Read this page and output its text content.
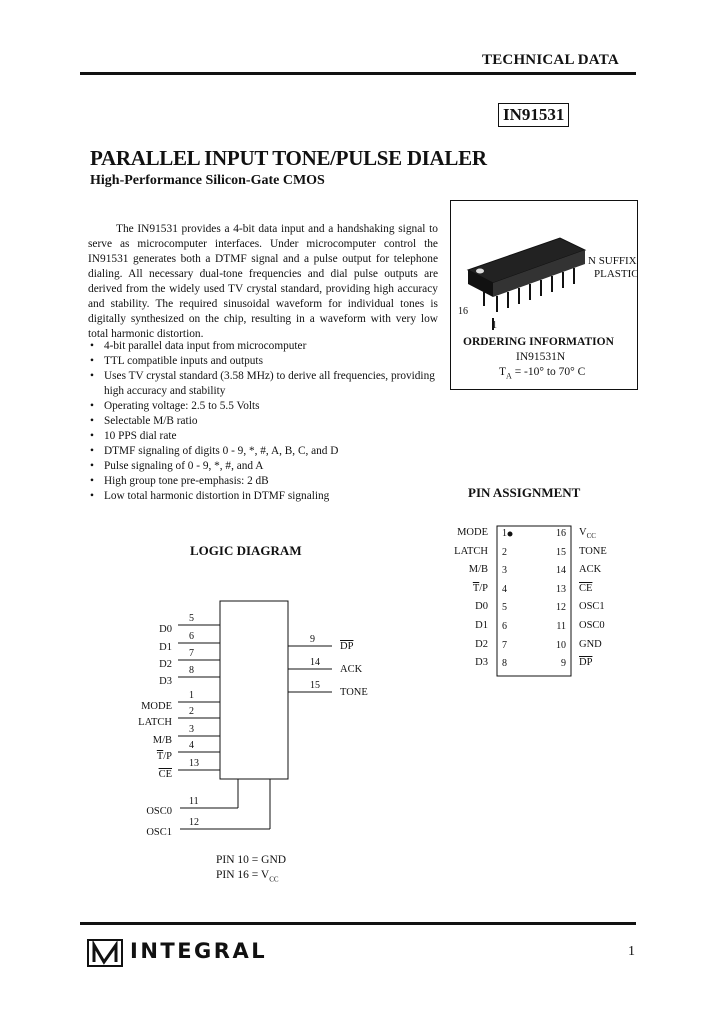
TECHNICAL DATA
IN91531
PARALLEL INPUT TONE/PULSE DIALER
High-Performance Silicon-Gate CMOS
The IN91531 provides a 4-bit data input and a handshaking signal to serve as microcomputer interfaces. Under microcomputer control the IN91531 generates both a DTMF signal and a pulse output for telephone dialing. All necessary dual-tone frequencies and dial pulse outputs are derived from the widely used TV crystal standard, providing high accuracy and stability. The required sinusoidal waveform for individual tones is digitally synthesized on the chip, resulting in a waveform with very low total harmonic distortion.
• 4-bit parallel data input from microcomputer
• TTL compatible inputs and outputs
• Uses TV crystal standard (3.58 MHz) to derive all frequencies, providing high accuracy and stability
• Operating voltage: 2.5 to 5.5 Volts
• Selectable M/B ratio
• 10 PPS dial rate
• DTMF signaling of digits 0 - 9, *, #, A, B, C, and D
• Pulse signaling of 0 - 9, *, #, and A
• High group tone pre-emphasis: 2 dB
• Low total harmonic distortion in DTMF signaling
16
1
N SUFFIX
PLASTIC
ORDERING INFORMATION
IN91531N
$T_A = -10^\circ$ to 70° C
PIN ASSIGNMENT
MODE 1
LATCH 2
M/B 3
$\overline{T}/P$ 4
D0 5
D1 6
D2 7
D3 8
16 $V_{CC}$
15 TONE
14 ACK
13 $\overline{CE}$
12 OSC1
11 OSC0
10 GND
9 $\overline{DP}$
LOGIC DIAGRAM
D0
5
D1
6
D2
7
D3
8
MODE
1
LATCH
2
M/B
3
$\overline{T}/P$
4
$\overline{CE}$
13
9
$\overline{DP}$
14
ACK
15
TONE
OSC0
11
OSC1
12
PIN 10 = GND
PIN $16 = V_{CC}$
INTEGRAL	1
